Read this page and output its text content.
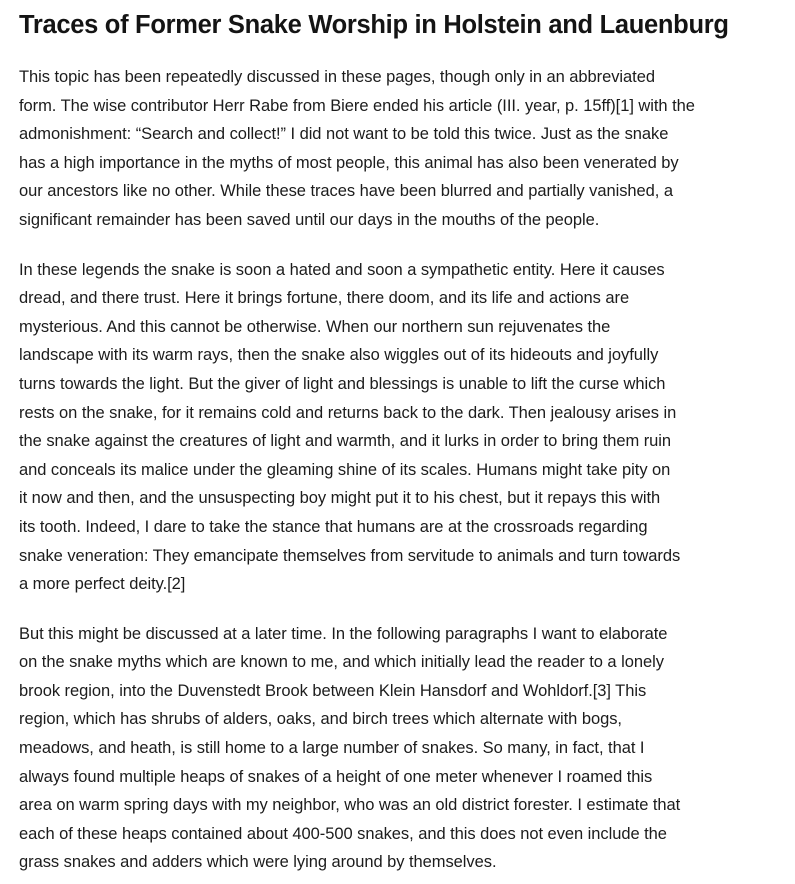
Traces of Former Snake Worship in Holstein and Lauenburg

This topic has been repeatedly discussed in these pages, though only in an abbreviated
form. The wise contributor Herr Rabe from Biere ended his article (III. year, p. 15ff)[1] with the
admonishment: “Search and collect!” I did not want to be told this twice. Just as the snake
has a high importance in the myths of most people, this animal has also been venerated by
our ancestors like no other. While these traces have been blurred and partially vanished, a
significant remainder has been saved until our days in the mouths of the people.

In these legends the snake is soon a hated and soon a sympathetic entity. Here it causes
dread, and there trust. Here it brings fortune, there doom, and its life and actions are
mysterious. And this cannot be otherwise. When our northern sun rejuvenates the
landscape with its warm rays, then the snake also wiggles out of its hideouts and joyfully
turns towards the light. But the giver of light and blessings is unable to lift the curse which
rests on the snake, for it remains cold and returns back to the dark. Then jealousy arises in
the snake against the creatures of light and warmth, and it lurks in order to bring them ruin
and conceals its malice under the gleaming shine of its scales. Humans might take pity on
it now and then, and the unsuspecting boy might put it to his chest, but it repays this with
its tooth. Indeed, I dare to take the stance that humans are at the crossroads regarding
snake veneration: They emancipate themselves from servitude to animals and turn towards
a more perfect deity.[2]

But this might be discussed at a later time. In the following paragraphs I want to elaborate
on the snake myths which are known to me, and which initially lead the reader to a lonely
brook region, into the Duvenstedt Brook between Klein Hansdorf and Wohldorf.[3] This
region, which has shrubs of alders, oaks, and birch trees which alternate with bogs,
meadows, and heath, is still home to a large number of snakes. So many, in fact, that I
always found multiple heaps of snakes of a height of one meter whenever I roamed this
area on warm spring days with my neighbor, who was an old district forester. I estimate that
each of these heaps contained about 400-500 snakes, and this does not even include the
grass snakes and adders which were lying around by themselves.
